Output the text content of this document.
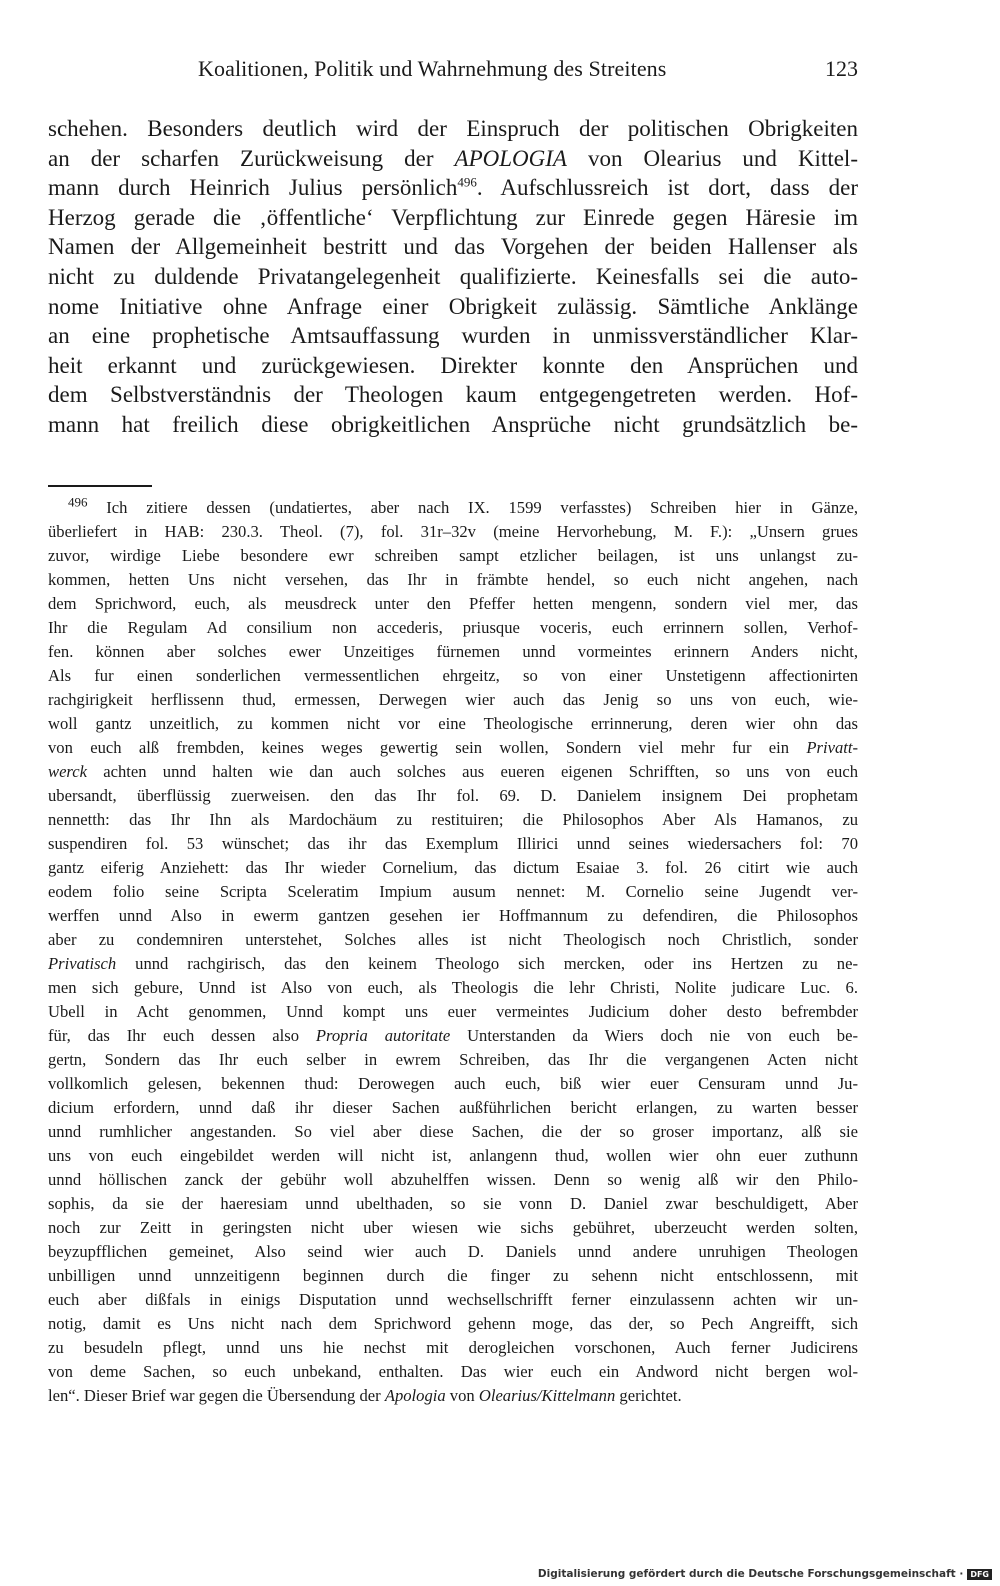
Koalitionen, Politik und Wahrnehmung des Streitens	123
schehen. Besonders deutlich wird der Einspruch der politischen Obrigkeiten
an der scharfen Zurückweisung der APOLOGIA von Olearius und Kittel-
mann durch Heinrich Julius persönlich$^{496}$. Aufschlussreich ist dort, dass der
Herzog gerade die ‚öffentliche‘ Verpflichtung zur Einrede gegen Häresie im
Namen der Allgemeinheit bestritt und das Vorgehen der beiden Hallenser als
nicht zu duldende Privatangelegenheit qualifizierte. Keinesfalls sei die auto-
nome Initiative ohne Anfrage einer Obrigkeit zulässig. Sämtliche Anklänge
an eine prophetische Amtsauffassung wurden in unmissverständlicher Klar-
heit erkannt und zurückgewiesen. Direkter konnte den Ansprüchen und
dem Selbstverständnis der Theologen kaum entgegengetreten werden. Hof-
mann hat freilich diese obrigkeitlichen Ansprüche nicht grundsätzlich be-
$^{496}$ Ich zitiere dessen (undatiertes, aber nach IX. 1599 verfasstes) Schreiben hier in Gänze,
überliefert in HAB: 230.3. Theol. (7), fol. 31r–32v (meine Hervorhebung, M. F.): „Unsern grues
zuvor, wirdige Liebe besondere ewr schreiben sampt etzlicher beilagen, ist uns unlangst zu-
kommen, hetten Uns nicht versehen, das Ihr in främbte hendel, so euch nicht angehen, nach
dem Sprichword, euch, als meusdreck unter den Pfeffer hetten mengenn, sondern viel mer, das
Ihr die Regulam Ad consilium non accederis, priusque voceris, euch errinnern sollen, Verhof-
fen. können aber solches ewer Unzeitiges fürnemen unnd vormeintes erinnern Anders nicht,
Als fur einen sonderlichen vermessentlichen ehrgeitz, so von einer Unstetigenn affectionirten
rachgirigkeit herflissenn thud, ermessen, Derwegen wier auch das Jenig so uns von euch, wie-
woll gantz unzeitlich, zu kommen nicht vor eine Theologische errinnerung, deren wier ohn das
von euch alß frembden, keines weges gewertig sein wollen, Sondern viel mehr fur ein Privatt-
werck achten unnd halten wie dan auch solches aus eueren eigenen Schrifften, so uns von euch
ubersandt, überflüssig zuerweisen. den das Ihr fol. 69. D. Danielem insignem Dei prophetam
nennetth: das Ihr Ihn als Mardochäum zu restituiren; die Philosophos Aber Als Hamanos, zu
suspendiren fol. 53 wünschet; das ihr das Exemplum Illirici unnd seines wiedersachers fol: 70
gantz eiferig Anziehett: das Ihr wieder Cornelium, das dictum Esaiae 3. fol. 26 citirt wie auch
eodem folio seine Scripta Sceleratim Impium ausum nennet: M. Cornelio seine Jugendt ver-
werffen unnd Also in ewerm gantzen gesehen ier Hoffmannum zu defendiren, die Philosophos
aber zu condemniren unterstehet, Solches alles ist nicht Theologisch noch Christlich, sonder
Privatisch unnd rachgirisch, das den keinem Theologo sich mercken, oder ins Hertzen zu ne-
men sich gebure, Unnd ist Also von euch, als Theologis die lehr Christi, Nolite judicare Luc. 6.
Ubell in Acht genommen, Unnd kompt uns euer vermeintes Judicium doher desto befrembder
für, das Ihr euch dessen also Propria autoritate Unterstanden da Wiers doch nie von euch be-
gertn, Sondern das Ihr euch selber in ewrem Schreiben, das Ihr die vergangenen Acten nicht
vollkomlich gelesen, bekennen thud: Derowegen auch euch, biß wier euer Censuram unnd Ju-
dicium erfordern, unnd daß ihr dieser Sachen außführlichen bericht erlangen, zu warten besser
unnd rumhlicher angestanden. So viel aber diese Sachen, die der so groser importanz, alß sie
uns von euch eingebildet werden will nicht ist, anlangenn thud, wollen wier ohn euer zuthunn
unnd höllischen zanck der gebühr woll abzuhelffen wissen. Denn so wenig alß wir den Philo-
sophis, da sie der haeresiam unnd ubelthaden, so sie vonn D. Daniel zwar beschuldigett, Aber
noch zur Zeitt in geringsten nicht uber wiesen wie sichs gebühret, uberzeucht werden solten,
beyzupfflichen gemeinet, Also seind wier auch D. Daniels unnd andere unruhigen Theologen
unbilligen unnd unnzeitigenn beginnen durch die finger zu sehenn nicht entschlossenn, mit
euch aber dißfals in einigs Disputation unnd wechsellschrifft ferner einzulassenn achten wir un-
notig, damit es Uns nicht nach dem Sprichword gehenn moge, das der, so Pech Angreifft, sich
zu besudeln pflegt, unnd uns hie nechst mit derogleichen vorschonen, Auch ferner Judicirens
von deme Sachen, so euch unbekand, enthalten. Das wier euch ein Andword nicht bergen wol-
len“. Dieser Brief war gegen die Übersendung der Apologia von Olearius/Kittelmann gerichtet.
Digitalisierung gefördert durch die Deutsche Forschungsgemeinschaft · DFG
